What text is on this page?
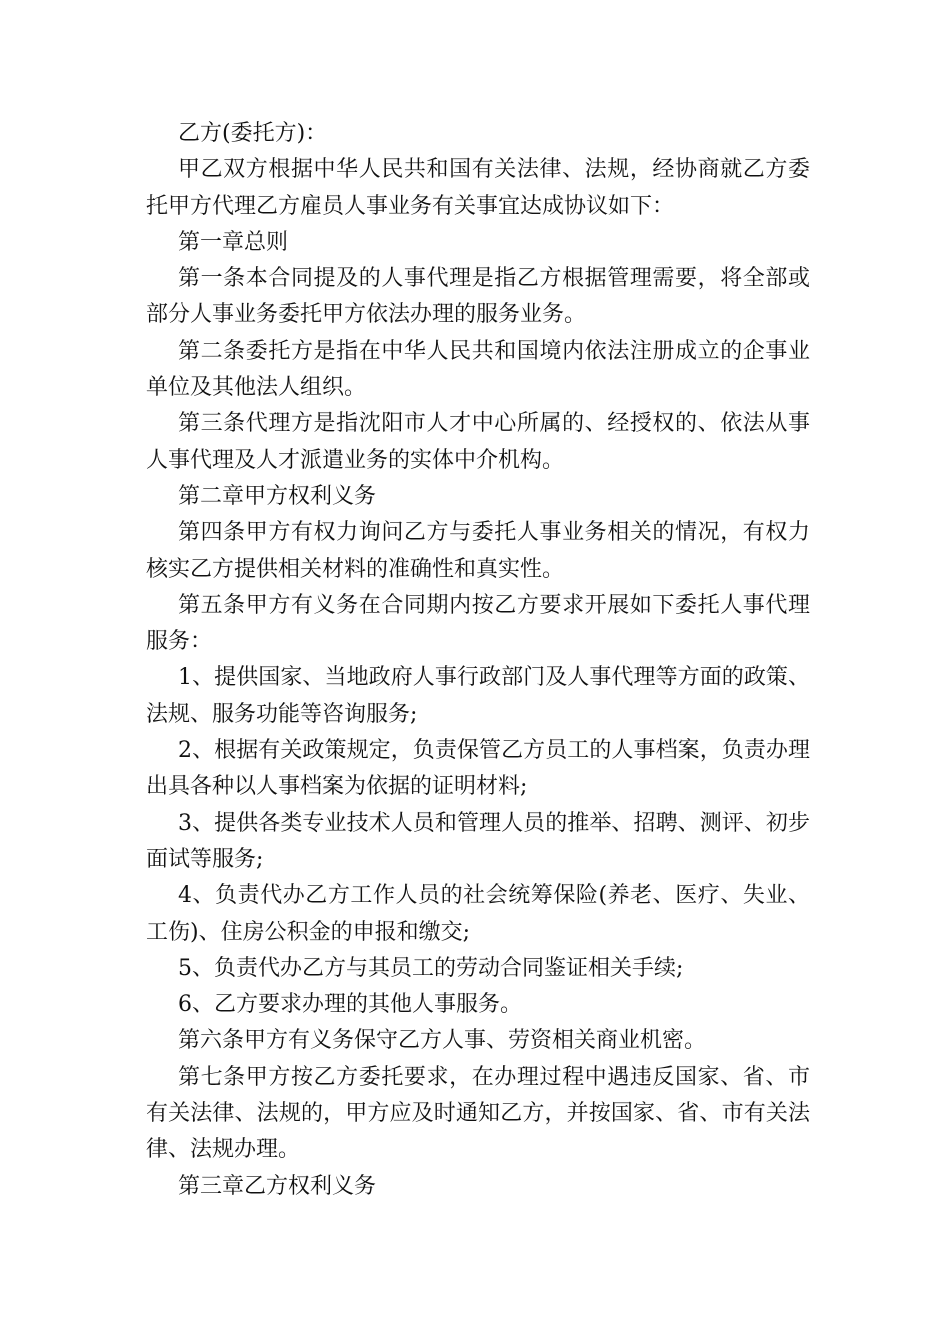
乙方(委托方)：

甲乙双方根据中华人民共和国有关法律、法规，经协商就乙方委托甲方代理乙方雇员人事业务有关事宜达成协议如下：

第一章总则

第一条本合同提及的人事代理是指乙方根据管理需要，将全部或部分人事业务委托甲方依法办理的服务业务。

第二条委托方是指在中华人民共和国境内依法注册成立的企事业单位及其他法人组织。

第三条代理方是指沈阳市人才中心所属的、经授权的、依法从事人事代理及人才派遣业务的实体中介机构。

第二章甲方权利义务

第四条甲方有权力询问乙方与委托人事业务相关的情况，有权力核实乙方提供相关材料的准确性和真实性。

第五条甲方有义务在合同期内按乙方要求开展如下委托人事代理服务：

1、提供国家、当地政府人事行政部门及人事代理等方面的政策、法规、服务功能等咨询服务;

2、根据有关政策规定，负责保管乙方员工的人事档案，负责办理出具各种以人事档案为依据的证明材料;

3、提供各类专业技术人员和管理人员的推举、招聘、测评、初步面试等服务;

4、负责代办乙方工作人员的社会统筹保险(养老、医疗、失业、工伤)、住房公积金的申报和缴交;

5、负责代办乙方与其员工的劳动合同鉴证相关手续;

6、乙方要求办理的其他人事服务。

第六条甲方有义务保守乙方人事、劳资相关商业机密。

第七条甲方按乙方委托要求，在办理过程中遇违反国家、省、市有关法律、法规的，甲方应及时通知乙方，并按国家、省、市有关法律、法规办理。

第三章乙方权利义务
